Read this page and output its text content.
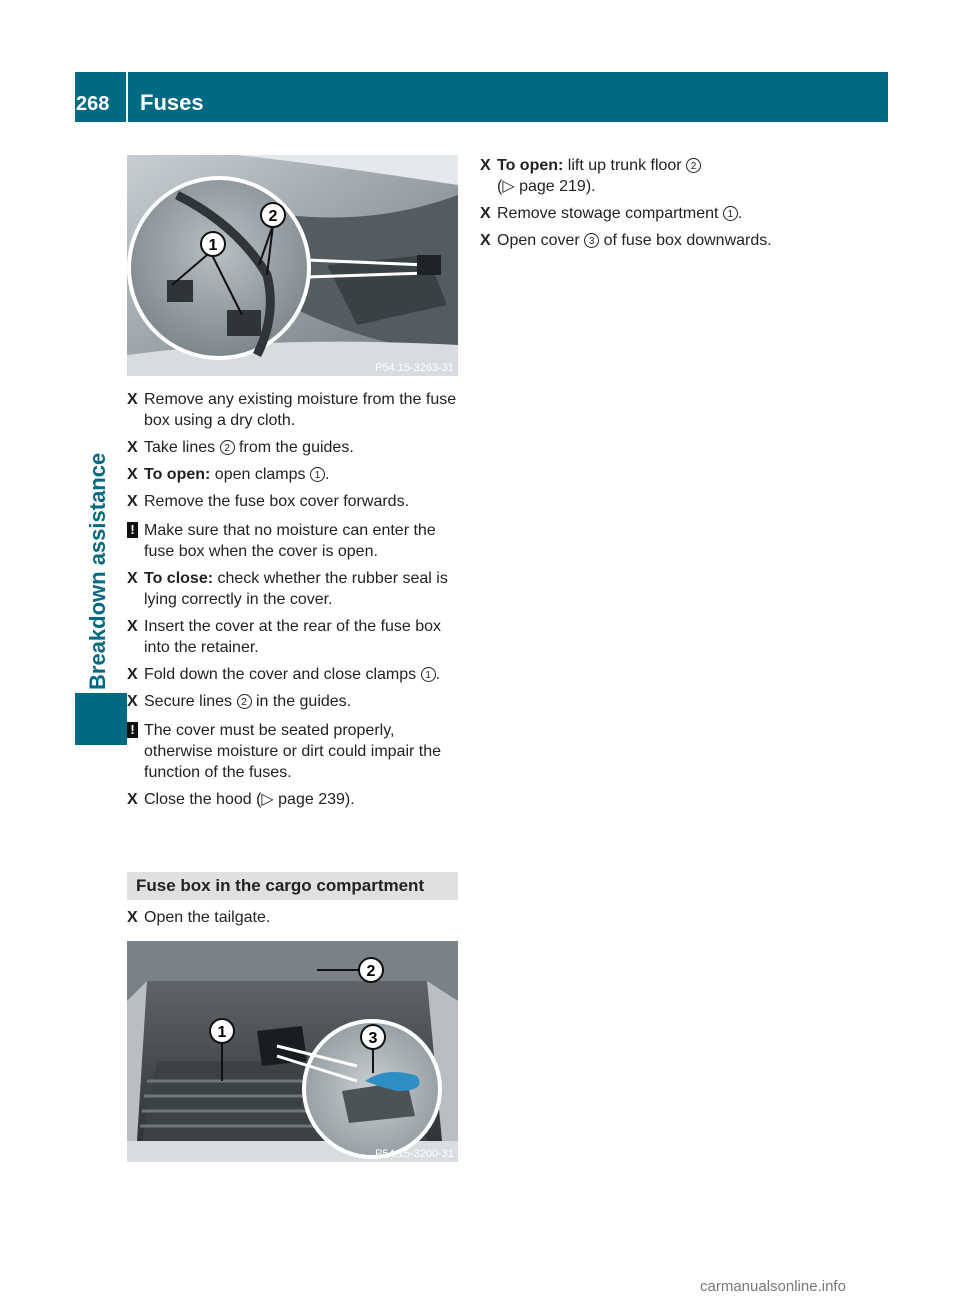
268	Fuses
Breakdown assistance
1
2
P54.15-3263-31

X Remove any existing moisture from the fuse box using a dry cloth.

X Take lines 2 from the guides.

X To open: open clamps 1 .

X Remove the fuse box cover forwards.

! Make sure that no moisture can enter the fuse box when the cover is open.

X To close: check whether the rubber seal is lying correctly in the cover.

X Insert the cover at the rear of the fuse box into the retainer.

X Fold down the cover and close clamps 1 .

X Secure lines 2 in the guides.

! The cover must be seated properly, otherwise moisture or dirt could impair the function of the fuses.

X Close the hood (▷ page 239).

Fuse box in the cargo compartment

X Open the tailgate.

2
1	3
P54.15-3200-31

X To open: lift up trunk floor 2
(▷ page 219).

X Remove stowage compartment 1 .

X Open cover 3 of fuse box downwards.

carmanualsonline.info
